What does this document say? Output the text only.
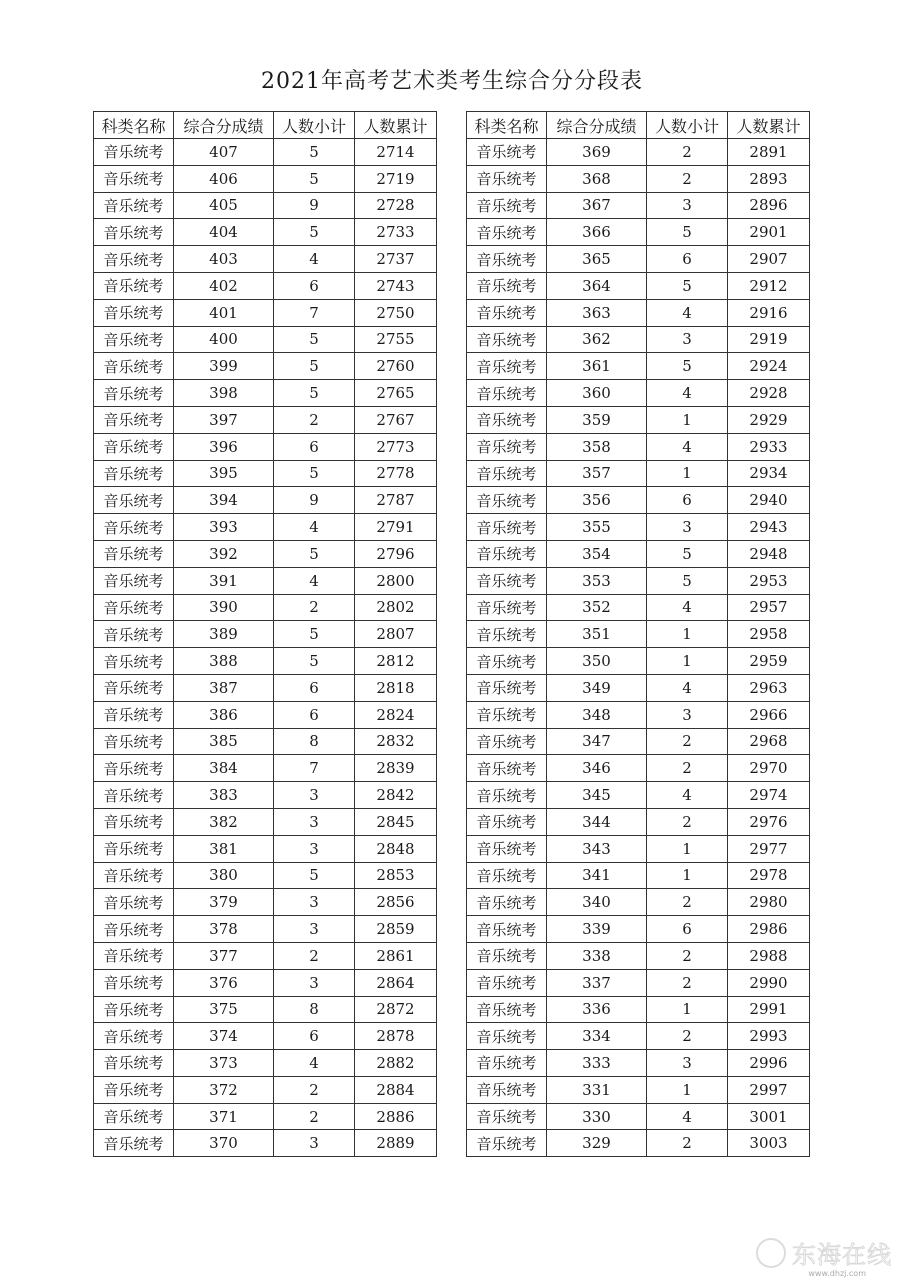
2021年高考艺术类考生综合分分段表
科类名称	综合分成绩	人数小计	人数累计
音乐统考	407	5	2714
音乐统考	406	5	2719
音乐统考	405	9	2728
音乐统考	404	5	2733
音乐统考	403	4	2737
音乐统考	402	6	2743
音乐统考	401	7	2750
音乐统考	400	5	2755
音乐统考	399	5	2760
音乐统考	398	5	2765
音乐统考	397	2	2767
音乐统考	396	6	2773
音乐统考	395	5	2778
音乐统考	394	9	2787
音乐统考	393	4	2791
音乐统考	392	5	2796
音乐统考	391	4	2800
音乐统考	390	2	2802
音乐统考	389	5	2807
音乐统考	388	5	2812
音乐统考	387	6	2818
音乐统考	386	6	2824
音乐统考	385	8	2832
音乐统考	384	7	2839
音乐统考	383	3	2842
音乐统考	382	3	2845
音乐统考	381	3	2848
音乐统考	380	5	2853
音乐统考	379	3	2856
音乐统考	378	3	2859
音乐统考	377	2	2861
音乐统考	376	3	2864
音乐统考	375	8	2872
音乐统考	374	6	2878
音乐统考	373	4	2882
音乐统考	372	2	2884
音乐统考	371	2	2886
音乐统考	370	3	2889
科类名称	综合分成绩	人数小计	人数累计
音乐统考	369	2	2891
音乐统考	368	2	2893
音乐统考	367	3	2896
音乐统考	366	5	2901
音乐统考	365	6	2907
音乐统考	364	5	2912
音乐统考	363	4	2916
音乐统考	362	3	2919
音乐统考	361	5	2924
音乐统考	360	4	2928
音乐统考	359	1	2929
音乐统考	358	4	2933
音乐统考	357	1	2934
音乐统考	356	6	2940
音乐统考	355	3	2943
音乐统考	354	5	2948
音乐统考	353	5	2953
音乐统考	352	4	2957
音乐统考	351	1	2958
音乐统考	350	1	2959
音乐统考	349	4	2963
音乐统考	348	3	2966
音乐统考	347	2	2968
音乐统考	346	2	2970
音乐统考	345	4	2974
音乐统考	344	2	2976
音乐统考	343	1	2977
音乐统考	341	1	2978
音乐统考	340	2	2980
音乐统考	339	6	2986
音乐统考	338	2	2988
音乐统考	337	2	2990
音乐统考	336	1	2991
音乐统考	334	2	2993
音乐统考	333	3	2996
音乐统考	331	1	2997
音乐统考	330	4	3001
音乐统考	329	2	3003
东海在线
www.dhzj.com
